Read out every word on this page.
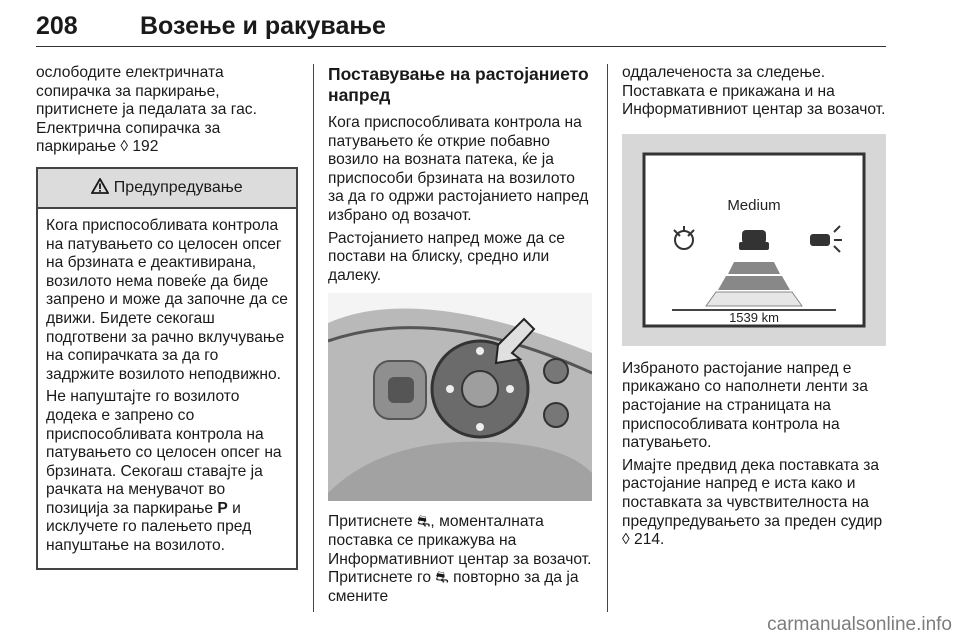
208 Возење и ракување

ослободите електричната сопирачка за паркирање, притиснете ја педалата за гас. Електрична сопирачка за паркирање ◊ 192

Предупредување

Кога приспособливата контрола на патувањето со целосен опсег на брзината е деактивирана, возилото нема повеќе да биде запрено и може да започне да се движи. Бидете секогаш подготвени за рачно вклучување на сопирачката за да го задржите возилото неподвижно.

Не напуштајте го возилото додека е запрено со приспособливата контрола на патувањето со целосен опсег на брзината. Секогаш ставајте ја рачката на менувачот во позиција за паркирање P и исклучете го палењето пред напуштање на возилото.

Поставување на растојанието напред

Кога приспособливата контрола на патувањето ќе открие побавно возило на возната патека, ќе ја приспособи брзината на возилото за да го одржи растојанието напред избрано од возачот.

Растојанието напред може да се постави на блиску, средно или далеку.

Притиснете ⛐, моменталната поставка се прикажува на Информативниот центар за возачот. Притиснете го ⛐ повторно за да ја смените

оддалеченоста за следење. Поставката е прикажана и на Информативниот центар за возачот.

Medium
1539 km

Избраното растојание напред е прикажано со наполнети ленти за растојание на страницата на приспособливата контрола на патувањето.

Имајте предвид дека поставката за растојание напред е иста како и поставката за чувствителноста на предупредувањето за преден судир ◊ 214.

carmanualsonline.info
